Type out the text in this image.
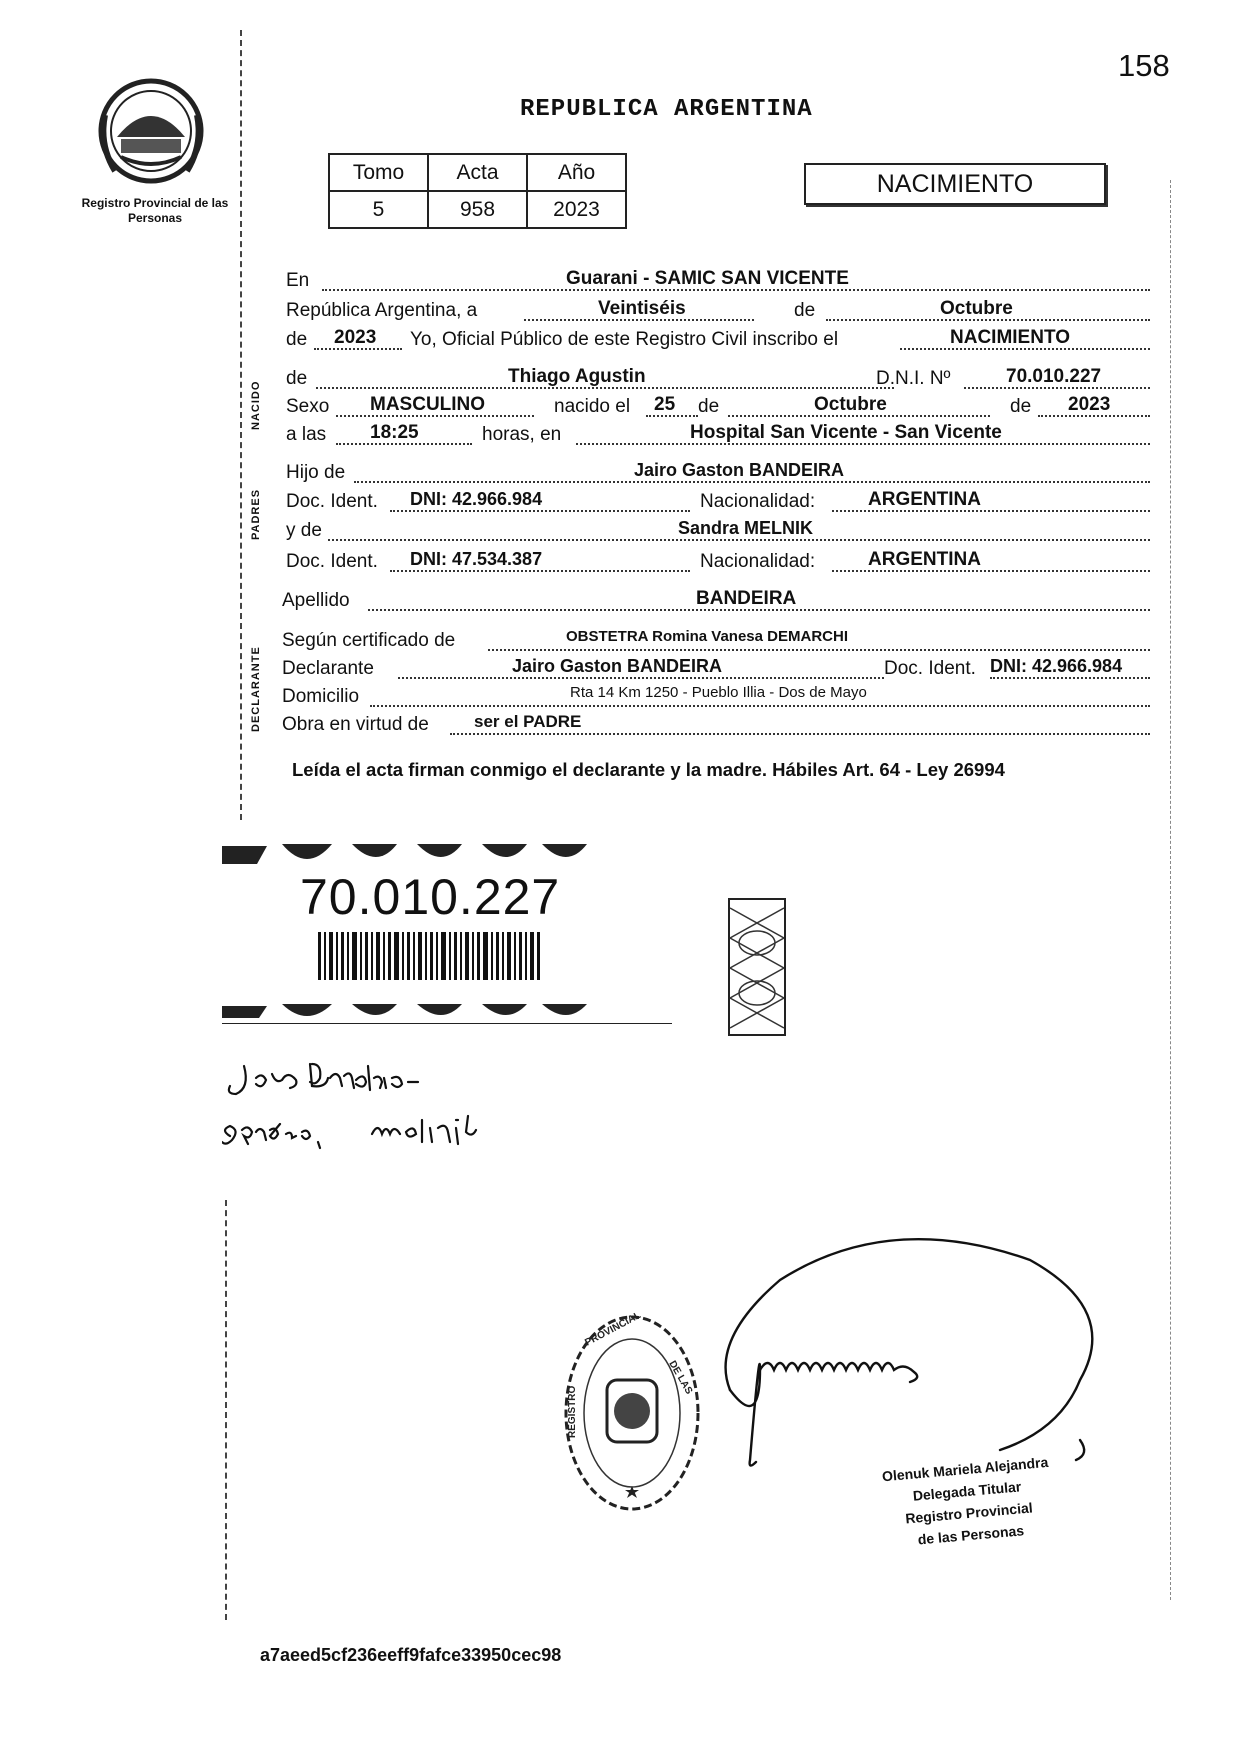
158
Registro Provincial de las Personas
REPUBLICA ARGENTINA
Tomo	Acta	Año
5	958	2023
NACIMIENTO
NACIDO
PADRES
DECLARANTE
En	Guarani - SAMIC SAN VICENTE
República Argentina, a	Veintiséis	de	Octubre
de 2023 Yo, Oficial Público de este Registro Civil inscribo el	NACIMIENTO
de	Thiago Agustin	D.N.I. Nº	70.010.227
Sexo MASCULINO	nacido el 25 de	Octubre	de 2023
a las 18:25	horas, en	Hospital San Vicente - San Vicente
Hijo de	Jairo Gaston BANDEIRA
Doc. Ident. DNI: 42.966.984	Nacionalidad:	ARGENTINA
y de	Sandra MELNIK
Doc. Ident. DNI: 47.534.387	Nacionalidad:	ARGENTINA
Apellido	BANDEIRA
Según certificado de	OBSTETRA Romina Vanesa DEMARCHI
Declarante	Jairo Gaston BANDEIRA	Doc. Ident. DNI: 42.966.984
Domicilio	Rta 14 Km 1250 - Pueblo Illia - Dos de Mayo
Obra en virtud de	ser el PADRE
Leída el acta firman conmigo el declarante y la madre. Hábiles Art. 64 - Ley 26994
70.010.227
PROVINCIAL
DE LAS
REGISTRO
Olenuk Mariela Alejandra
Delegada Titular
Registro Provincial
de las Personas
a7aeed5cf236eeff9fafce33950cec98
